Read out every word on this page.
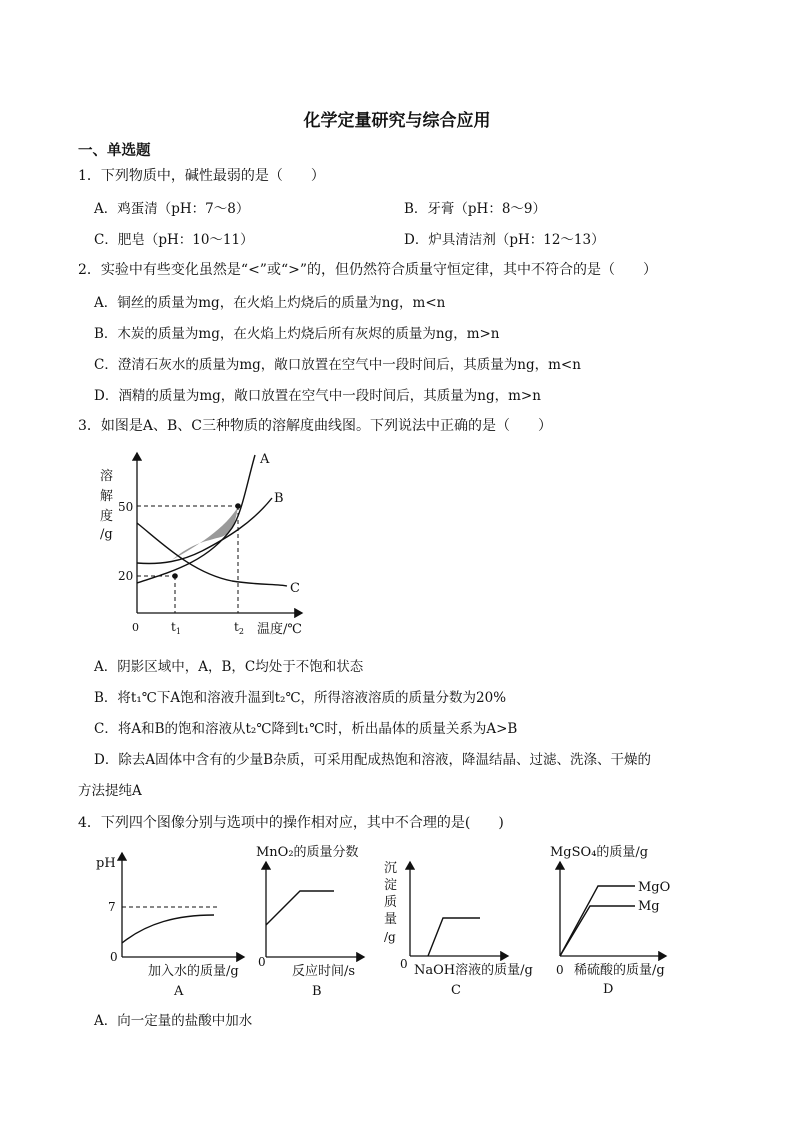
化学定量研究与综合应用
一、单选题
1．下列物质中，碱性最弱的是（　　）
A．鸡蛋清（pH：7～8）	B．牙膏（pH：8～9）
C．肥皂（pH：10～11）	D．炉具清洁剂（pH：12～13）
2．实验中有些变化虽然是“<”或“>”的，但仍然符合质量守恒定律，其中不符合的是（　　）
A．铜丝的质量为mg，在火焰上灼烧后的质量为ng，m<n
B．木炭的质量为mg，在火焰上灼烧后所有灰烬的质量为ng，m>n
C．澄清石灰水的质量为mg，敞口放置在空气中一段时间后，其质量为ng，m<n
D．酒精的质量为mg，敞口放置在空气中一段时间后，其质量为ng，m>n
3．如图是A、B、C三种物质的溶解度曲线图。下列说法中正确的是（　　）
溶
解
度
/g
50
20
0	$t_1$	$t_2$ 温度/℃
A
B
C
A．阴影区域中，A，B，C均处于不饱和状态
B．将t₁℃下A饱和溶液升温到t₂℃，所得溶液溶质的质量分数为20%
C．将A和B的饱和溶液从t₂℃降到t₁℃时，析出晶体的质量关系为A>B
D．除去A固体中含有的少量B杂质，可采用配成热饱和溶液，降温结晶、过滤、洗涤、干燥的
方法提纯A
4．下列四个图像分别与选项中的操作相对应，其中不合理的是(　　)
pH
7
0
加入水的质量/g
A
MnO₂的质量分数
0
反应时间/s
B
沉
淀
质
量
/g
0 NaOH溶液的质量/g
C
MgSO₄的质量/g
0 稀硫酸的质量/g
MgO
Mg
D
A．向一定量的盐酸中加水
